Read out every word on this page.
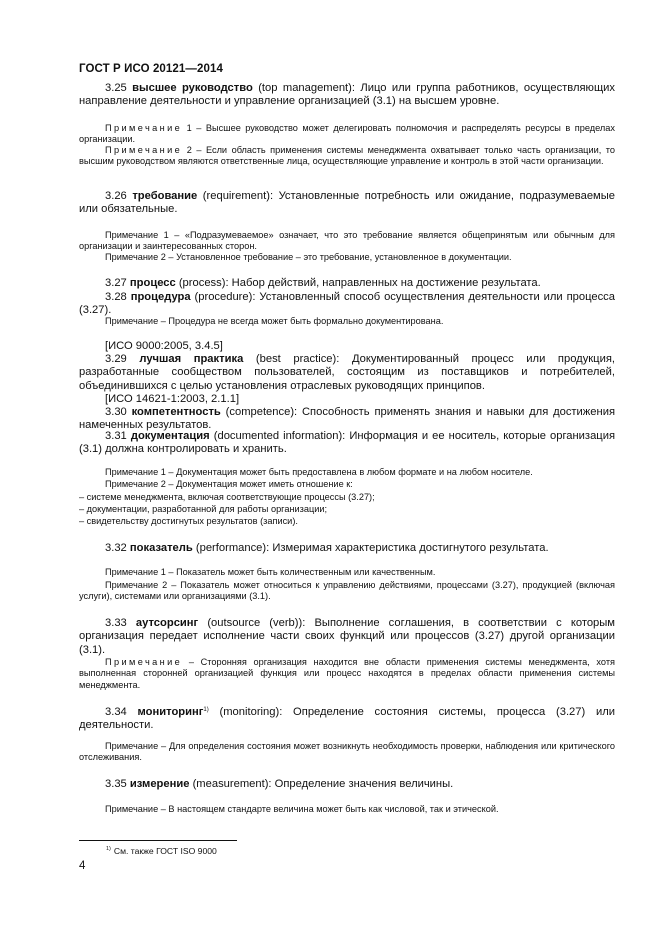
ГОСТ Р ИСО 20121—2014

3.25 высшее руководство (top management): Лицо или группа работников, осуществляющих направление деятельности и управление организацией (3.1) на высшем уровне.

Примечание 1 – Высшее руководство может делегировать полномочия и распределять ресурсы в пределах организации.

Примечание 2 – Если область применения системы менеджмента охватывает только часть организации, то высшим руководством являются ответственные лица, осуществляющие управление и контроль в этой части организации.

3.26 требование (requirement): Установленные потребность или ожидание, подразумеваемые или обязательные.

Примечание 1 – «Подразумеваемое» означает, что это требование является общепринятым или обычным для организации и заинтересованных сторон.

Примечание 2 – Установленное требование – это требование, установленное в документации.

3.27 процесс (process): Набор действий, направленных на достижение результата.

3.28 процедура (procedure): Установленный способ осуществления деятельности или процесса (3.27).

Примечание – Процедура не всегда может быть формально документирована.

[ИСО 9000:2005, 3.4.5]

3.29 лучшая практика (best practice): Документированный процесс или продукция, разработанные сообществом пользователей, состоящим из поставщиков и потребителей, объединившихся с целью установления отраслевых руководящих принципов.

[ИСО 14621-1:2003, 2.1.1]

3.30 компетентность (competence): Способность применять знания и навыки для достижения намеченных результатов.

3.31 документация (documented information): Информация и ее носитель, которые организация (3.1) должна контролировать и хранить.

Примечание 1 – Документация может быть предоставлена в любом формате и на любом носителе.

Примечание 2 – Документация может иметь отношение к:

– системе менеджмента, включая соответствующие процессы (3.27);

– документации, разработанной для работы организации;

– свидетельству достигнутых результатов (записи).

3.32 показатель (performance): Измеримая характеристика достигнутого результата.

Примечание 1 – Показатель может быть количественным или качественным.

Примечание 2 – Показатель может относиться к управлению действиями, процессами (3.27), продукцией (включая услуги), системами или организациями (3.1).

3.33 аутсорсинг (outsource (verb)): Выполнение соглашения, в соответствии с которым организация передает исполнение части своих функций или процессов (3.27) другой организации (3.1).

Примечание – Сторонняя организация находится вне области применения системы менеджмента, хотя выполненная сторонней организацией функция или процесс находятся в пределах области применения системы менеджмента.

3.34 мониторинг$^{1)}$ (monitoring): Определение состояния системы, процесса (3.27) или деятельности.

Примечание – Для определения состояния может возникнуть необходимость проверки, наблюдения или критического отслеживания.

3.35 измерение (measurement): Определение значения величины.

Примечание – В настоящем стандарте величина может быть как числовой, так и этической.

$^{1)}$ См. также ГОСТ ISO 9000
4
